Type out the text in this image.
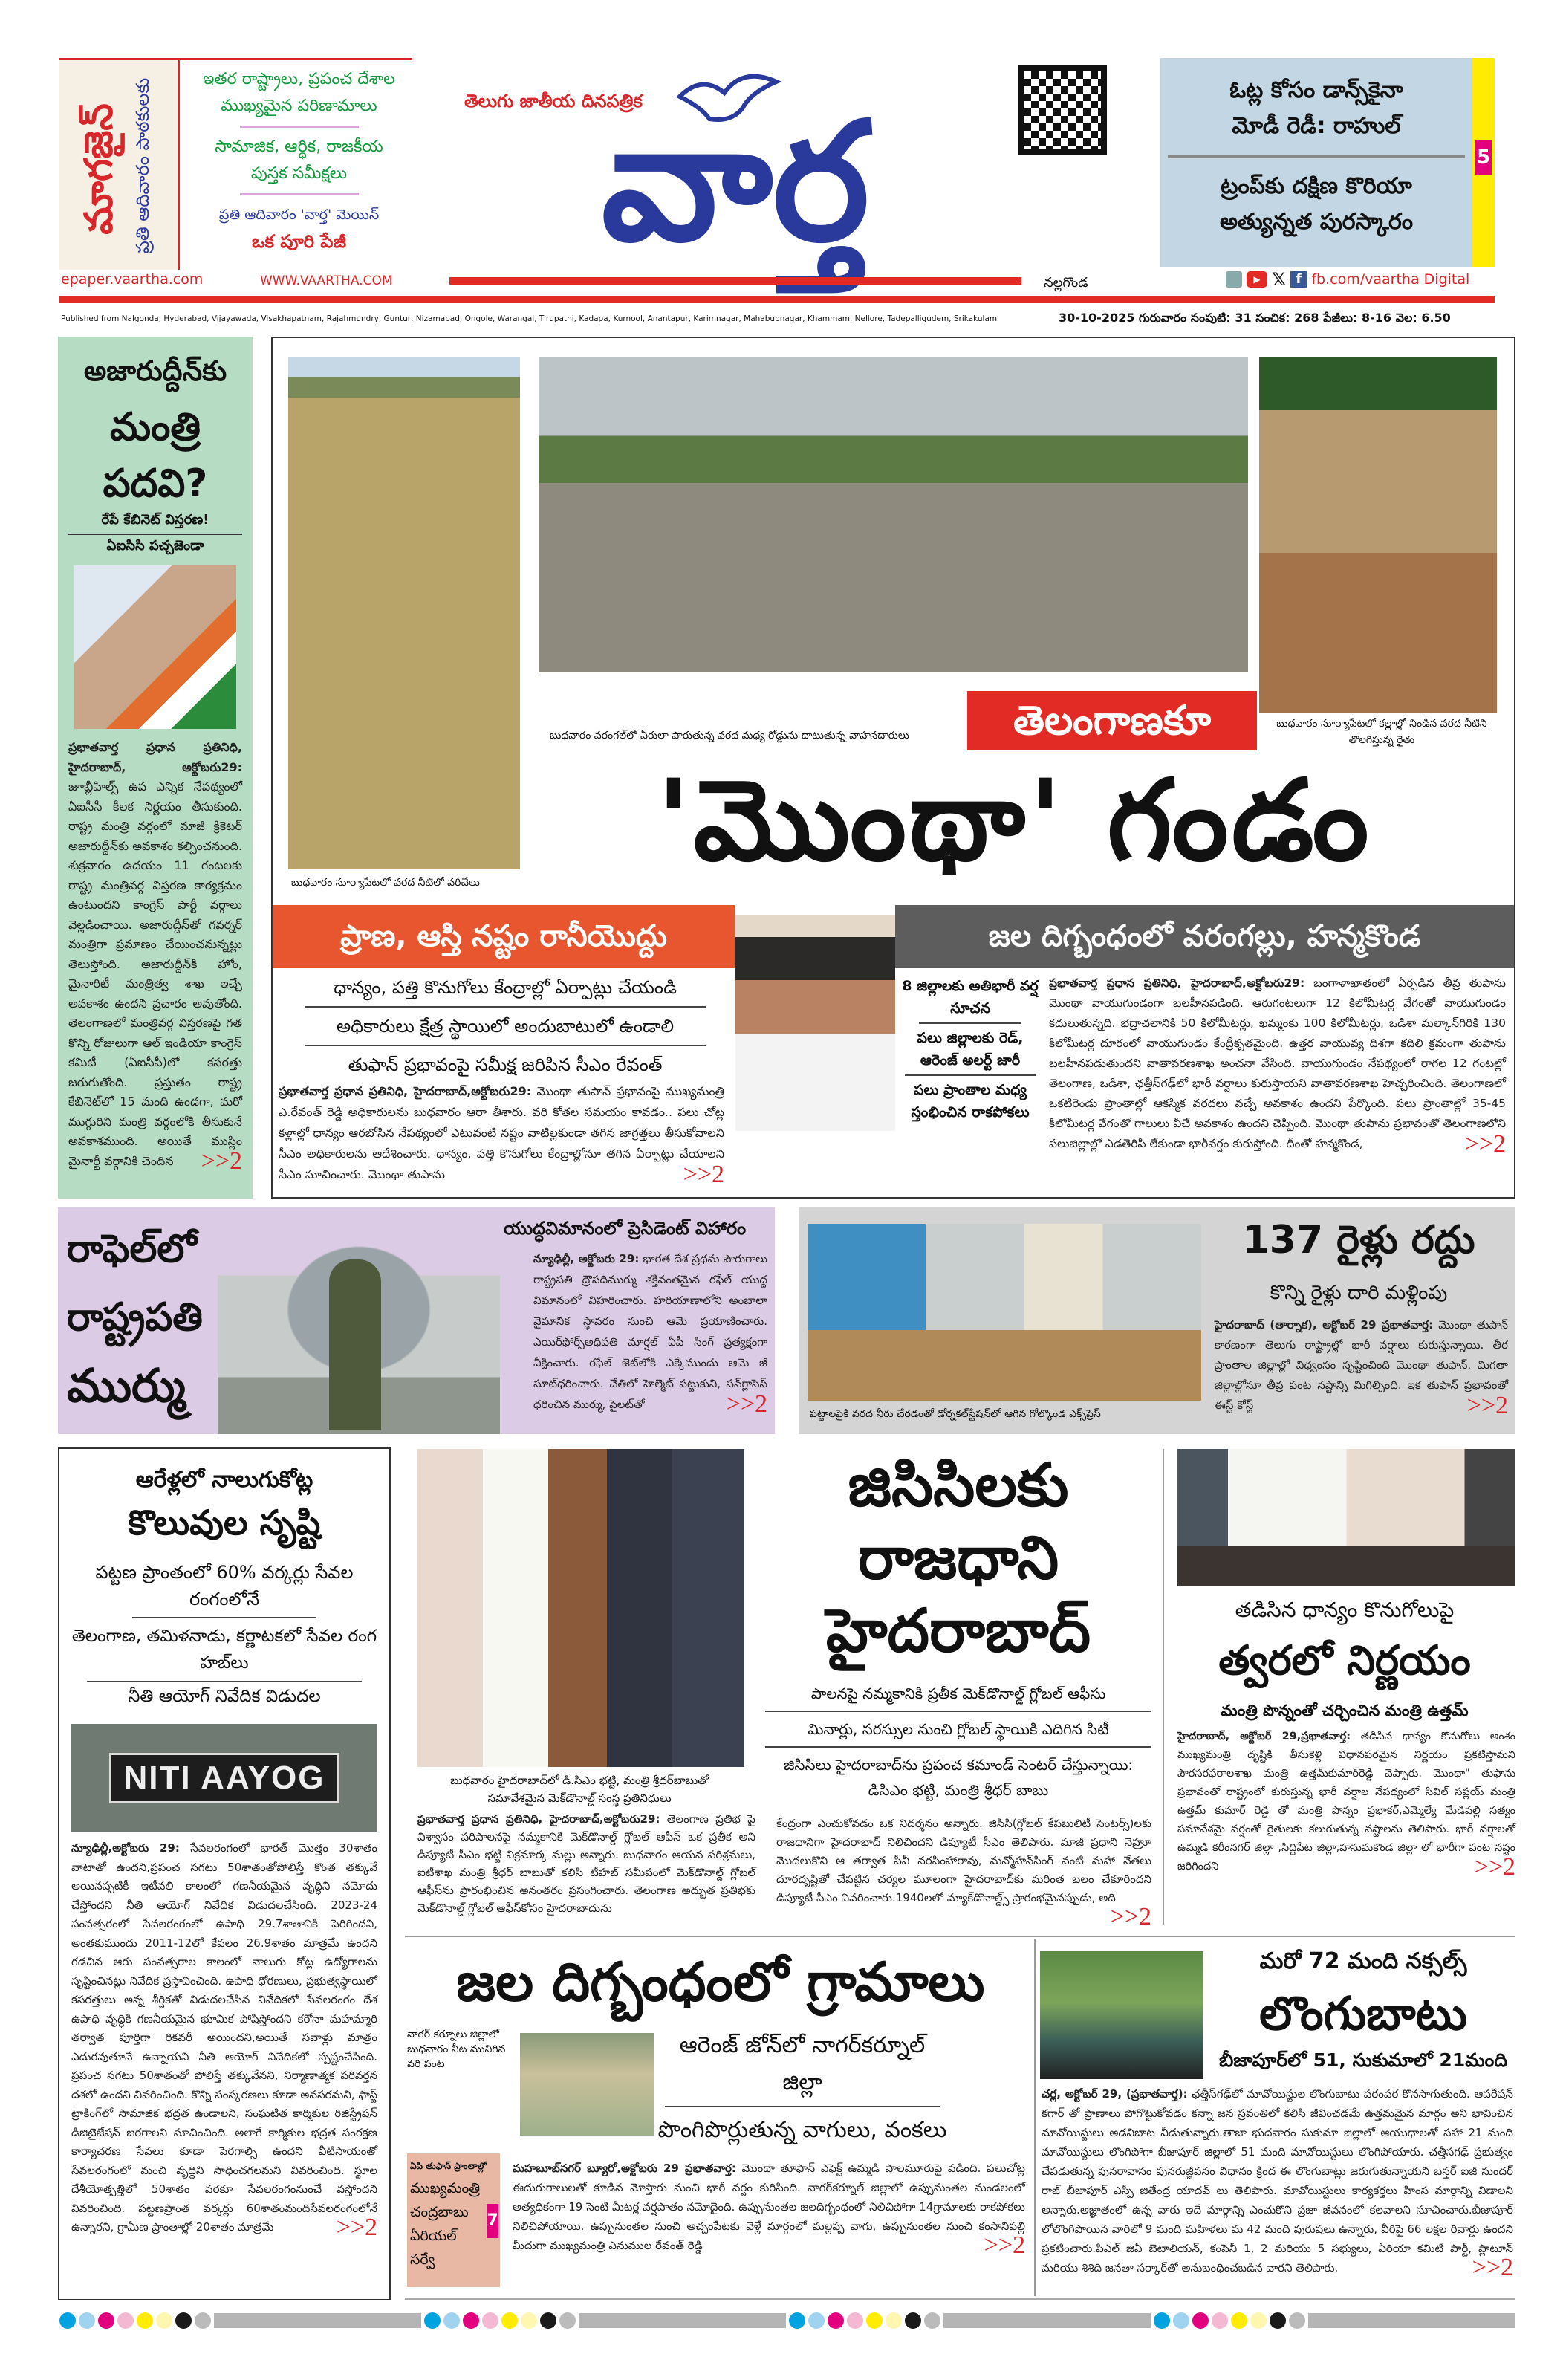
మాగజైన్ ప్రతి ఆదివారం పాఠకులకు	ఇతర రాష్ట్రాలు, ప్రపంచ దేశాల
ముఖ్యమైన పరిణామాలు
సామాజిక, ఆర్థిక, రాజకీయ
పుస్తక సమీక్షలు
ప్రతి ఆదివారం 'వార్త' మెయిన్
ఒక పూరి పేజీ
epaper.vaartha.com	WWW.VAARTHA.COM
తెలుగు జాతీయ దినపత్రిక
వార్త
నల్లగొండ	▶ 𝕏 f fb.com/vaartha Digital
ఓట్ల కోసం డాన్స్‌కైనా
మోడీ రెడీ: రాహుల్
ట్రంప్‌కు దక్షిణ కొరియా
అత్యున్నత పురస్కారం
5
Published from Nalgonda, Hyderabad, Vijayawada, Visakhapatnam, Rajahmundry, Guntur, Nizamabad, Ongole, Warangal, Tirupathi, Kadapa, Kurnool, Anantapur, Karimnagar, Mahabubnagar, Khammam, Nellore, Tadepalligudem, Srikakulam	30-10-2025 గురువారం సంపుటి: 31 సంచిక: 268 పేజీలు: 8-16 వెల: 6.50
అజారుద్దీన్‌కు
మంత్రి
పదవి?
రేపే కేబినెట్ విస్తరణ!
ఏఐసిసి పచ్చజెండా
ప్రభాతవార్త ప్రధాన ప్రతినిధి, హైదరాబాద్, అక్టోబరు29: జూబ్లీహిల్స్ ఉప ఎన్నిక నేపథ్యంలో ఏఐసీసీ కీలక నిర్ణయం తీసుకుంది. రాష్ట్ర మంత్రి వర్గంలో మాజీ క్రికెటర్ అజారుద్దీన్‌కు అవకాశం కల్పించనుంది. శుక్రవారం ఉదయం 11 గంటలకు రాష్ట్ర మంత్రివర్గ విస్తరణ కార్యక్రమం ఉంటుందని కాంగ్రెస్ పార్టీ వర్గాలు వెల్లడించాయి. అజారుద్దీన్‌తో గవర్నర్ మంత్రిగా ప్రమాణం చేయించనున్నట్లు తెలుస్తోంది. అజారుద్దీన్‌కి హోం, మైనారిటీ మంత్రిత్వ శాఖ ఇచ్చే అవకాశం ఉందని ప్రచారం అవుతోంది. తెలంగాణలో మంత్రివర్గ విస్తరణపై గత కొన్ని రోజులుగా ఆల్ ఇండియా కాంగ్రెస్ కమిటీ (ఏఐసీసీ)లో కసరత్తు జరుగుతోంది. ప్రస్తుతం రాష్ట్ర కేబినెట్‌లో 15 మంది ఉండగా, మరో ముగ్గురిని మంత్రి వర్గంలోకి తీసుకునే అవకాశముంది. అయితే ముస్లిం మైనార్టీ వర్గానికి చెందిన >>2
బుధవారం సూర్యాపేటలో వరద నీటిలో వరిచేలు
బుధవారం వరంగల్‌లో ఏరులా పారుతున్న వరద మధ్య రోడ్డును దాటుతున్న వాహనదారులు
బుధవారం సూర్యాపేటలో కల్లాల్లో నిండిన వరద నీటిని తొలగిస్తున్న రైతు
తెలంగాణకూ
'మొంథా' గండం
ప్రాణ, ఆస్తి నష్టం రానీయొద్దు	జల దిగ్బంధంలో వరంగల్లు, హన్మకొండ
ధాన్యం, పత్తి కొనుగోలు కేంద్రాల్లో ఏర్పాట్లు చేయండి
అధికారులు క్షేత్ర స్థాయిలో అందుబాటులో ఉండాలి
తుఫాన్ ప్రభావంపై సమీక్ష జరిపిన సీఎం రేవంత్
ప్రభాతవార్త ప్రధాన ప్రతినిధి, హైదరాబాద్,అక్టోబరు29: మొంథా తుపాన్ ప్రభావంపై ముఖ్యమంత్రి ఎ.రేవంత్ రెడ్డి అధికారులను బుధవారం ఆరా తీశారు. వరి కోతల సమయం కావడం.. పలు చోట్ల కళ్లాల్లో ధాన్యం ఆరబోసిన నేపథ్యంలో ఎటువంటి నష్టం వాటిల్లకుండా తగిన జాగ్రత్తలు తీసుకోవాలని సీఎం అధికారులను ఆదేశించారు. ధాన్యం, పత్తి కొనుగోలు కేంద్రాల్లోనూ తగిన ఏర్పాట్లు చేయాలని సీఎం సూచించారు. మొంథా తుపాను	>>2
8 జిల్లాలకు అతిభారీ వర్ష సూచన
పలు జిల్లాలకు రెడ్, ఆరెంజ్ అలర్ట్ జారీ
పలు ప్రాంతాల మధ్య స్తంభించిన రాకపోకలు
ప్రభాతవార్త ప్రధాన ప్రతినిధి, హైదరాబాద్,అక్టోబరు29: బంగాళాఖాతంలో ఏర్పడిన తీవ్ర తుపాను మొంథా వాయుగుండంగా బలహీనపడింది. ఆరుగంటలుగా 12 కిలోమీటర్ల వేగంతో వాయుగుండం కదులుతున్నది. భద్రాచలానికి 50 కిలోమీటర్లు, ఖమ్మంకు 100 కిలోమీటర్లు, ఒడిశా మల్కాన్‌గిరికి 130 కిలోమీటర్ల దూరంలో వాయుగుండం కేంద్రీకృతమైంది. ఉత్తర వాయువ్య దిశగా కదిలి క్రమంగా తుపాను బలహీనపడుతుందని వాతావరణశాఖ అంచనా వేసింది. వాయుగుండం నేపథ్యంలో రాగల 12 గంటల్లో తెలంగాణ, ఒడిశా, ఛత్తీస్‌గఢ్‌లో భారీ వర్షాలు కురుస్తాయని వాతావరణశాఖ హెచ్చరించింది. తెలంగాణలో ఒకటిరెండు ప్రాంతాల్లో ఆకస్మిక వరదలు వచ్చే అవకాశం ఉందని పేర్కొంది. పలు ప్రాంతాల్లో 35-45 కిలోమీటర్ల వేగంతో గాలులు వీచే అవకాశం ఉందని చెప్పింది. మొంథా తుపాను ప్రభావంతో తెలంగాణలోని పలుజిల్లాల్లో ఎడతెరిపి లేకుండా భారీవర్షం కురుస్తోంది. దీంతో హన్మకొండ,	>>2
రాఫెల్‌లో
రాష్ట్రపతి
ముర్ము
యుద్ధవిమానంలో ప్రెసిడెంట్ విహారం
న్యూఢిల్లీ, అక్టోబరు 29: భారత దేశ ప్రథమ పౌరురాలు రాష్ట్రపతి ద్రౌపదిముర్ము శక్తివంతమైన రఫేల్ యుద్ధ విమానంలో విహరించారు. హరియాణాలోని అంబాలా వైమానిక స్థావరం నుంచి ఆమె ప్రయాణించారు. ఎయిర్‌ఫోర్స్‌అధిపతి మార్షల్ ఏపీ సింగ్ ప్రత్యక్షంగా వీక్షించారు. రఫేల్ జెట్‌లోకి ఎక్కేముందు ఆమె జీ సూట్‌ధరించారు. చేతిలో హెల్మెట్ పట్టుకుని, సన్‌గ్లాసెస్ ధరించిన ముర్ము, పైలట్‌తో	>>2	పట్టాలపైకి వరద నీరు చేరడంతో డోర్నకల్‌స్టేషన్‌లో ఆగిన గోల్కొండ ఎక్స్‌ప్రెస్
137 రైళ్లు రద్దు
కొన్ని రైళ్లు దారి మళ్లింపు
హైదరాబాద్ (తార్నాక), అక్టోబర్ 29 ప్రభాతవార్త: మొంథా తుపాన్ కారణంగా తెలుగు రాష్ట్రాల్లో భారీ వర్షాలు కురుస్తున్నాయి. తీర ప్రాంతాల జిల్లాల్లో విధ్వంసం సృష్టించింది మొంథా తుఫాన్. మిగతా జిల్లాల్లోనూ తీవ్ర పంట నష్టాన్ని మిగిల్చింది. ఇక తుఫాన్ ప్రభావంతో ఈస్ట్ కోస్ట్	>>2
ఆరేళ్లలో నాలుగుకోట్ల
కొలువుల సృష్టి
పట్టణ ప్రాంతంలో 60% వర్కర్లు సేవల రంగంలోనే
తెలంగాణ, తమిళనాడు, కర్ణాటకలో సేవల రంగ హబ్‌లు
నీతి ఆయోగ్ నివేదిక విడుదల
NITI AAYOG
న్యూఢిల్లీ,అక్టోబరు 29: సేవలరంగంలో భారత్ మొత్తం 30శాతం వాటాతో ఉందని,ప్రపంచ సగటు 50శాతంతోపోలిస్తే కొంత తక్కువే అయినప్పటికీ ఇటీవలి కాలంలో గణనీయమైన వృద్ధిని నమోదు చేస్తోందని నీతి ఆయోగ్ నివేదిక విడుదలచేసింది. 2023-24 సంవత్సరంలో సేవలరంగంలో ఉపాధి 29.7శాతానికి పెరిగిందని, అంతకుముందు 2011-12లో కేవలం 26.9శాతం మాత్రమే ఉందని గడచిన ఆరు సంవత్సరాల కాలంలో నాలుగు కోట్ల ఉద్యోగాలను సృష్టించినట్లు నివేదిక ప్రస్తావించింది. ఉపాధి ధోరణులు, ప్రభుత్వస్థాయిలో కసరత్తులు అన్న శీర్షికతో విడుదలచేసిన నివేదికలో సేవలరంగం దేశ ఉపాధి వృద్ధికి గణనీయమైన భూమిక పోషిస్తోందని కరోనా మహమ్మారి తర్వాత పూర్తిగా రికవరీ అయిందని,అయితే సవాళ్లు మాత్రం ఎదురవుతూనే ఉన్నాయని నీతి ఆయోగ్ నివేదికలో స్పష్టంచేసింది. ప్రపంచ సగటు 50శాతంతో పోలిస్తే తక్కువేనని, నిర్మాణాత్మక పరివర్తన దశలో ఉందని వివరించింది. కొన్ని సంస్కరణలు కూడా అవసరమని, ఫాస్ట్ ట్రాకింగ్‌లో సామాజిక భద్రత ఉండాలని, సంఘటిత కార్మికుల రిజిస్ట్రేషన్ డిజిటైజేషన్ జరగాలని సూచించింది. అలాగే కార్మికుల భద్రత సంరక్షణ కార్యాచరణ సేవలు కూడా పెరగాల్సి ఉందని వీటిసాయంతో సేవలరంగంలో మంచి వృద్ధిని సాధించగలమని వివరించింది. స్థూల దేశీయోత్పత్తిలో 50శాతం వరకూ సేవలరంగంనుంచే వస్తోందని వివరించింది. పట్టణప్రాంత వర్కర్లు 60శాతంమందిసేవలరంగంలోనే ఉన్నారని, గ్రామీణ ప్రాంతాల్లో 20శాతం మాత్రమే >>2
బుధవారం హైదరాబాద్‌లో డి.సిఎం భట్టి, మంత్రి శ్రీధర్‌బాబుతో సమావేశమైన మెక్‌డొనాల్డ్ సంస్థ ప్రతినిధులు
ప్రభాతవార్త ప్రధాన ప్రతినిధి, హైదరాబాద్,అక్టోబరు29: తెలంగాణ ప్రతిభ పై విశ్వాసం పరిపాలనపై నమ్మకానికి మెక్‌డొనాల్డ్ గ్లోబల్ ఆఫీస్ ఒక ప్రతీక అని డిప్యూటీ సీఎం భట్టి విక్రమార్క మల్లు అన్నారు. బుధవారం ఆయన పరిశ్రమలు, ఐటీశాఖ మంత్రి శ్రీధర్ బాబుతో కలిసి టీహబ్ సమీపంలో మెక్‌డొనాల్డ్ గ్లోబల్ ఆఫీస్‌ను ప్రారంభించిన అనంతరం ప్రసంగించారు. తెలంగాణ అద్భుత ప్రతిభకు మెక్‌డొనాల్డ్ గ్లోబల్ ఆఫీస్‌కోసం హైదరాబాదును
జిసిసిలకు
రాజధాని
హైదరాబాద్
పాలనపై నమ్మకానికి ప్రతీక మెక్‌డొనాల్డ్ గ్లోబల్ ఆఫీసు
మినార్లు, సరస్సుల నుంచి గ్లోబల్ స్థాయికి ఎదిగిన సిటీ
జిసిసిలు హైదరాబాద్‌ను ప్రపంచ కమాండ్ సెంటర్ చేస్తున్నాయి: డిసిఎం భట్టి, మంత్రి శ్రీధర్ బాబు
కేంద్రంగా ఎంచుకోవడం ఒక నిదర్శనం అన్నారు. జిసిసి(గ్లోబల్ కేపబులిటీ సెంటర్స్)లకు రాజధానిగా హైదరాబాద్ నిలిచిందని డిప్యూటీ సీఎం తెలిపారు. మాజీ ప్రధాని నెహ్రూ మొదలుకొని ఆ తర్వాత పీవీ నరసింహారావు, మన్మోహన్‌సింగ్ వంటి మహా నేతలు దూరదృష్టితో చేపట్టిన చర్యల మూలంగా హైదరాబాద్‌కు మరింత బలం చేకూరిందని డిప్యూటీ సీఎం వివరించారు.1940లలో మ్యాక్‌డొనాల్డ్స్ ప్రారంభమైనప్పుడు, అది
>>2
తడిసిన ధాన్యం కొనుగోలుపై
త్వరలో నిర్ణయం
మంత్రి పొన్నంతో చర్చించిన మంత్రి ఉత్తమ్
హైదరాబాద్, అక్టోబర్ 29,ప్రభాతవార్త: తడిసిన ధాన్యం కొనుగోలు అంశం ముఖ్యమంత్రి దృష్టికి తీసుకెళ్లి విధానపరమైన నిర్ణయం ప్రకటిస్తామని పౌరసరఫరాలశాఖ మంత్రి ఉత్తమ్‌కుమార్‌రెడ్డి చెప్పారు. మొంథా" తుఫాను ప్రభావంతో రాష్ట్రంలో కురుస్తున్న భారీ వర్షాల నేపథ్యంలో సివిల్ సప్లయ్ మంత్రి ఉత్తమ్ కుమార్ రెడ్డి తో మంత్రి పొన్నం ప్రభాకర్,ఎమ్మెల్యే మేడిపల్లి సత్యం సమావేశమై వర్షంతో రైతులకు కలుగుతున్న నష్టాలను తెలిపారు. భారీ వర్షాలతో ఉమ్మడి కరీంనగర్ జిల్లా ,సిద్దిపేట జిల్లా,హనుమకొండ జిల్లా లో భారీగా పంట నష్టం జరిగిందని	>>2
జల దిగ్బంధంలో గ్రామాలు
నాగర్ కర్నూలు జిల్లాలో బుధవారం నీట మునిగిన వరి పంట
ఆరెంజ్ జోన్‌లో నాగర్‌కర్నూల్ జిల్లా
పొంగిపొర్లుతున్న వాగులు, వంకలు
ఏపి తుఫాన్ ప్రాంతాల్లో
ముఖ్యమంత్రి చంద్రబాబు ఏరియల్ సర్వే
7
మహబూబ్‌నగర్ బ్యూరో,అక్టోబరు 29 ప్రభాతవార్త: మొంథా తూఫాన్ ఎఫెక్ట్ ఉమ్మడి పాలమూరుపై పడింది. పలుచోట్ల ఈదురుగాలులతో కూడిన మోస్తారు నుంచి భారీ వర్షం కురిసింది. నాగర్‌కర్నూల్ జిల్లాలో ఉప్పునుంతల మండలంలో అత్యధికంగా 19 సెంటి మీటర్ల వర్షపాతం నమోదైంది. ఉప్పునుంతల జలదిగ్బంధంలో నిలిచిపోగా 14గ్రామాలకు రాకపోకలు నిలిచిపోయాయి. ఉప్పునుంతల నుంచి అచ్చంపేటకు వెళ్లే మార్గంలో మల్లప్ప వాగు, ఉప్పునుంతల నుంచి కంసానిపల్లి మీదుగా ముఖ్యమంత్రి ఎనుముల రేవంత్ రెడ్డి	>>2
మరో 72 మంది నక్సల్స్
లొంగుబాటు
బీజాపూర్‌లో 51, సుకుమాలో 21మంది
చర్ల, అక్టోబర్ 29, (ప్రభాతవార్త): ఛత్తీస్‌గఢ్‌లో మావోయిస్టుల లొంగుబాటు పరంపర కొనసాగుతుంది. ఆపరేషన్ కగార్ తో ప్రాణాలు పోగొట్టుకోవడం కన్నా జన స్రవంతిలో కలిసి జీవించడమే ఉత్తమమైన మార్గం అని భావించిన మావోయిస్టులు అడవిబాట వీడుతున్నారు.తాజా భుదవారం సుకుమా జిల్లాలో ఆయుధాలతో సహా 21 మంది మావోయిస్టులు లొంగిపోగా బీజాపూర్ జిల్లాలో 51 మంది మావోయిస్టులు లొంగిపోయారు. చత్తీసగఢ్ ప్రభుత్వం చేపడుతున్న పునరావాసం పునరుజ్జీవనం విధానం క్రింద ఈ లొంగుబాట్లు జరుగుతున్నాయని బస్తర్ ఐజీ సుందర్ రాజ్ బీజాపూర్ ఎస్పీ జితేంద్ర యాదవ్ లు తెలిపారు. మావోయిస్టులు కార్యకర్తలు హింస మార్గాన్ని విడాలని అన్నారు.అజ్ఞాతంలో ఉన్న వారు ఇదే మార్గాన్ని ఎంచుకొని ప్రజా జీవనంలో కలవాలని సూచించారు.బీజాపూర్ లోలొంగిపొయిన వారిలో 9 మంది మహిళలు మ 42 మంది పురుషలు ఉన్నారు, వీరిపై 66 లక్షల రివార్డు ఉందని ప్రకటించారు.పిఎల్ జిఏ బెటాలియన్, కంపెనీ 1, 2 మరియు 5 సభ్యులు, ఏరియా కమిటీ పార్టీ, ప్లాటూన్ మరియు శిశిది జనతా సర్కార్‌తో అనుబంధించబడిన వారని తెలిపారు.	>>2
